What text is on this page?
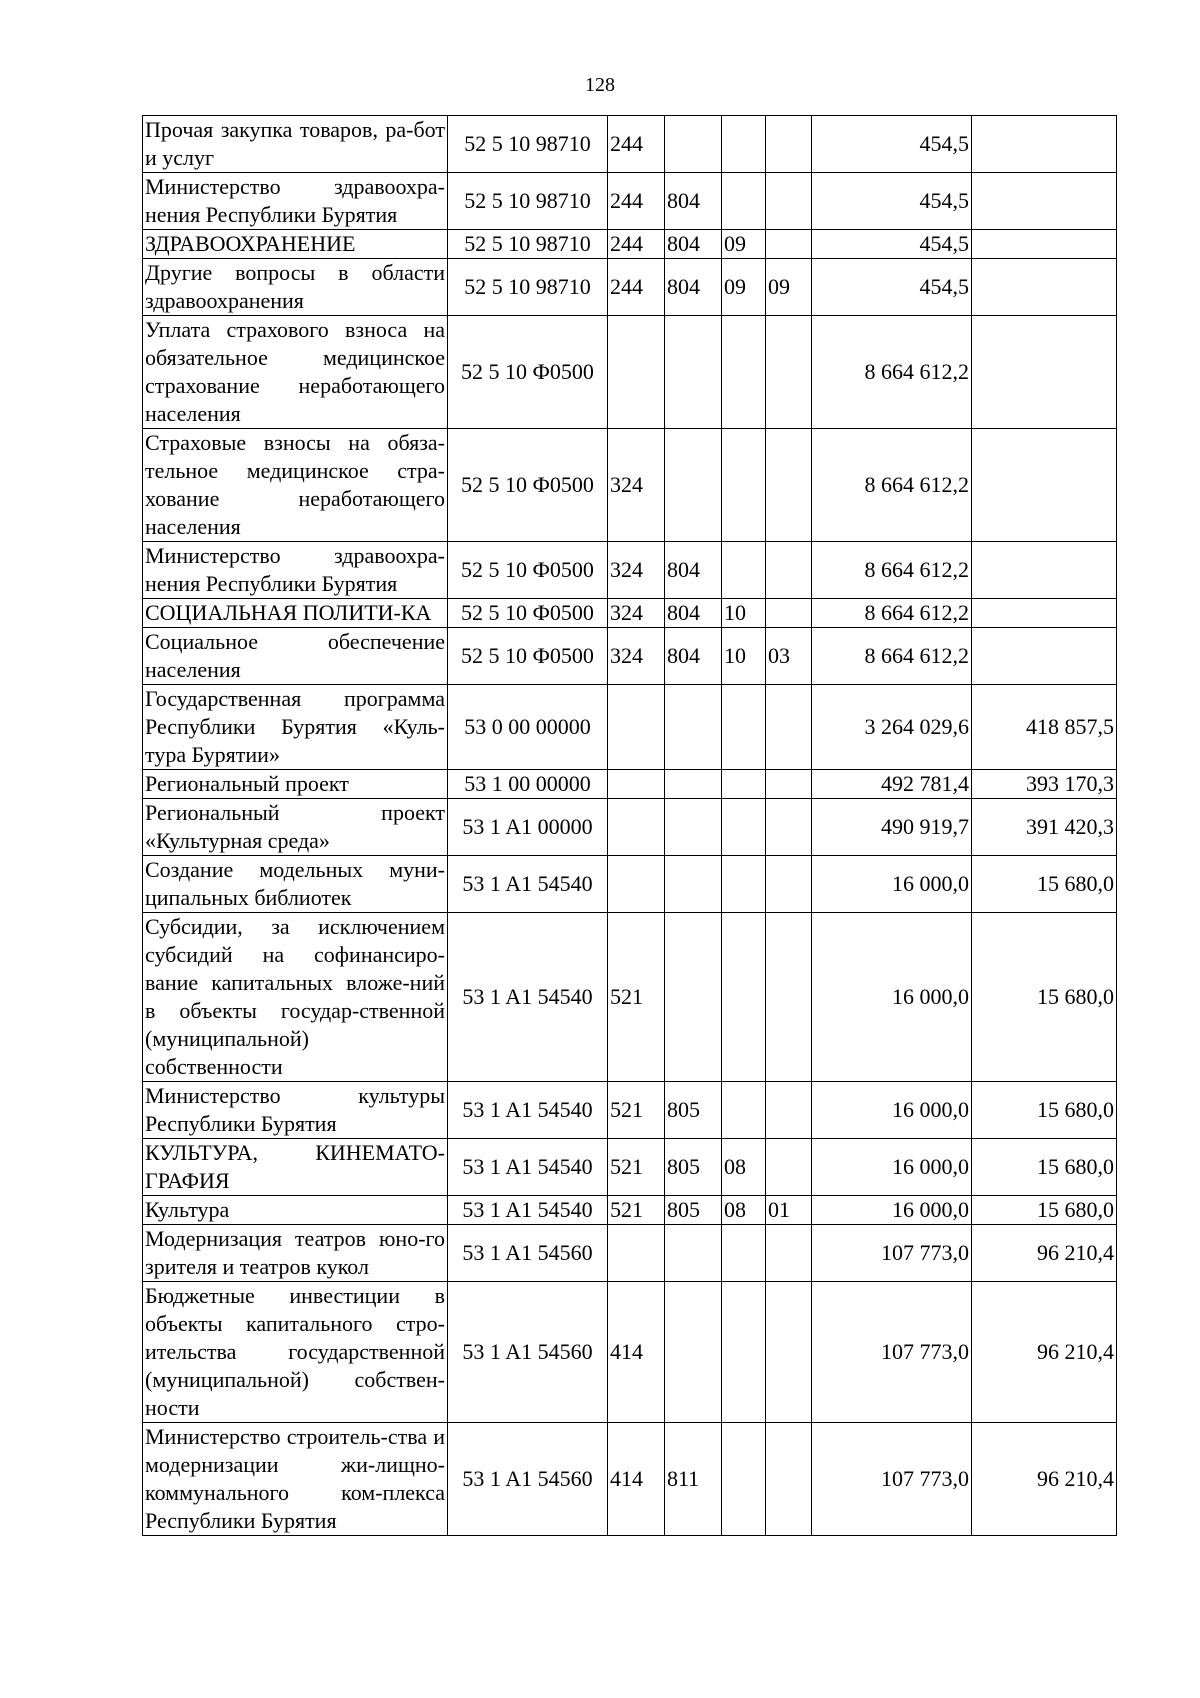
128
Прочая закупка товаров, ра-бот и услуг	52 5 10 98710	244				454,5	
Министерство здравоохра-нения Республики Бурятия	52 5 10 98710	244	804			454,5	
ЗДРАВООХРАНЕНИЕ	52 5 10 98710	244	804	09		454,5	
Другие вопросы в области здравоохранения	52 5 10 98710	244	804	09	09	454,5	
Уплата страхового взноса на обязательное медицинское страхование неработающего населения	52 5 10 Ф0500					8 664 612,2	
Страховые взносы на обяза-тельное медицинское стра-хование неработающего населения	52 5 10 Ф0500	324				8 664 612,2	
Министерство здравоохра-нения Республики Бурятия	52 5 10 Ф0500	324	804			8 664 612,2	
СОЦИАЛЬНАЯ ПОЛИТИ-КА	52 5 10 Ф0500	324	804	10		8 664 612,2	
Социальное обеспечение населения	52 5 10 Ф0500	324	804	10	03	8 664 612,2	
Государственная программа Республики Бурятия «Куль-тура Бурятии»	53 0 00 00000					3 264 029,6	418 857,5
Региональный проект	53 1 00 00000					492 781,4	393 170,3
Региональный проект «Культурная среда»	53 1 A1 00000					490 919,7	391 420,3
Создание модельных муни-ципальных библиотек	53 1 A1 54540					16 000,0	15 680,0
Субсидии, за исключением субсидий на софинансиро-вание капитальных вложе-ний в объекты государ-ственной (муниципальной) собственности	53 1 A1 54540	521				16 000,0	15 680,0
Министерство культуры Республики Бурятия	53 1 A1 54540	521	805			16 000,0	15 680,0
КУЛЬТУРА, КИНЕМАТО-ГРАФИЯ	53 1 A1 54540	521	805	08		16 000,0	15 680,0
Культура	53 1 A1 54540	521	805	08	01	16 000,0	15 680,0
Модернизация театров юно-го зрителя и театров кукол	53 1 A1 54560					107 773,0	96 210,4
Бюджетные инвестиции в объекты капитального стро-ительства государственной (муниципальной) собствен-ности	53 1 A1 54560	414				107 773,0	96 210,4
Министерство строитель-ства и модернизации жи-лищно-коммунального ком-плекса Республики Бурятия	53 1 A1 54560	414	811			107 773,0	96 210,4
